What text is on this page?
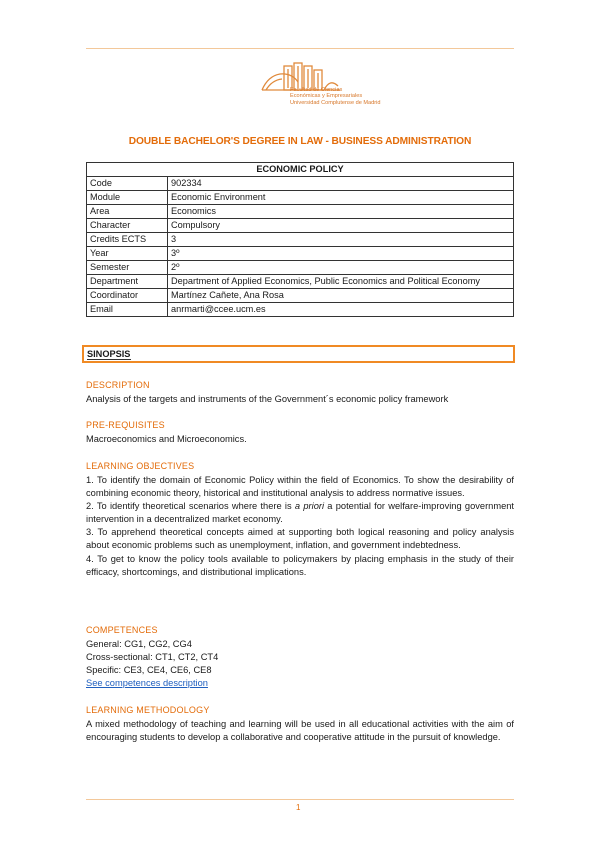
Facultad de Ciencias
Económicas y Empresariales
Universidad Complutense de Madrid
DOUBLE BACHELOR'S DEGREE IN LAW - BUSINESS ADMINISTRATION
ECONOMIC POLICY	
Code	902334
Module	Economic Environment
Area	Economics
Character	Compulsory
Credits ECTS	3
Year	3º
Semester	2º
Department	Department of Applied Economics, Public Economics and Political Economy
Coordinator	Martínez Cañete, Ana Rosa
Email	anrmarti@ccee.ucm.es
SINOPSIS
DESCRIPTION
Analysis of the targets and instruments of the Government´s economic policy framework
PRE-REQUISITES
Macroeconomics and Microeconomics.
LEARNING OBJECTIVES

1. To identify the domain of Economic Policy within the field of Economics. To show the desirability of combining economic theory, historical and institutional analysis to address normative issues.

2. To identify theoretical scenarios where there is a priori a potential for welfare-improving government intervention in a decentralized market economy.

3. To apprehend theoretical concepts aimed at supporting both logical reasoning and policy analysis about economic problems such as unemployment, inflation, and government indebtedness.

4. To get to know the policy tools available to policymakers by placing emphasis in the study of their efficacy, shortcomings, and distributional implications.

COMPETENCES

General: CG1, CG2, CG4

Cross-sectional: CT1, CT2, CT4

Specific: CE3, CE4, CE6, CE8

See competences description

LEARNING METHODOLOGY
A mixed methodology of teaching and learning will be used in all educational activities with the aim of encouraging students to develop a collaborative and cooperative attitude in the pursuit of knowledge.
1
